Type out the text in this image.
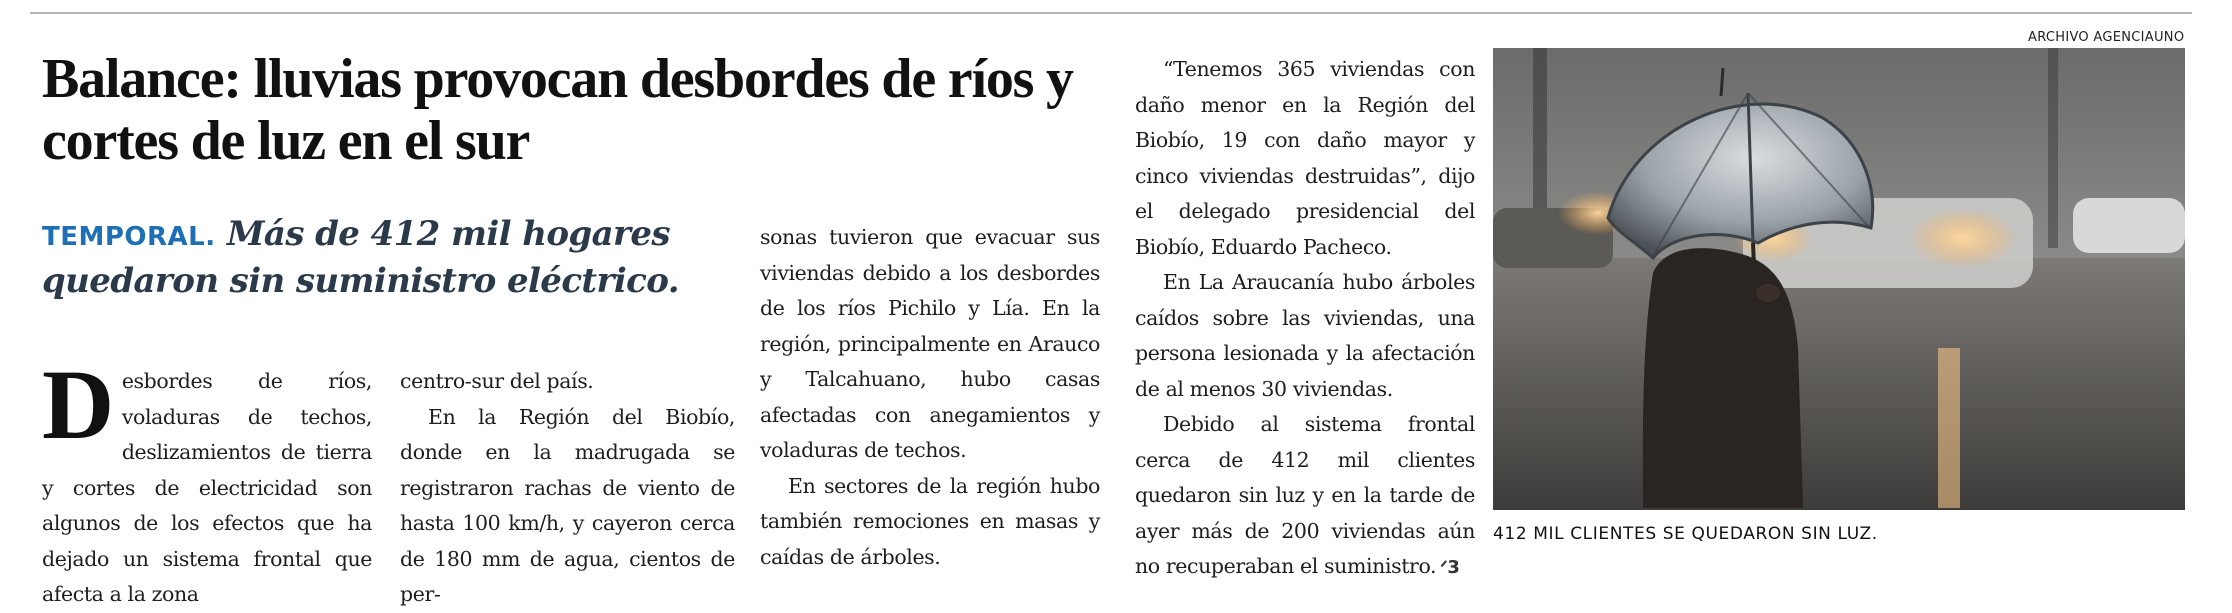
Balance: lluvias provocan desbordes de ríos y cortes de luz en el sur

TEMPORAL. Más de 412 mil hogares quedaron sin suministro eléctrico.

D esbordes de ríos, voladuras de techos, deslizamientos de tierra y cortes de electricidad son algunos de los efectos que ha dejado un sistema frontal que afecta a la zona

centro-sur del país.

En la Región del Biobío, donde en la madrugada se registraron rachas de viento de hasta 100 km/h, y cayeron cerca de 180 mm de agua, cientos de per-

sonas tuvieron que evacuar sus viviendas debido a los desbordes de los ríos Pichilo y Lía. En la región, principalmente en Arauco y Talcahuano, hubo casas afectadas con anegamientos y voladuras de techos.

En sectores de la región hubo también remociones en masas y caídas de árboles.

“Tenemos 365 viviendas con daño menor en la Región del Biobío, 19 con daño mayor y cinco viviendas destruidas”, dijo el delegado presidencial del Biobío, Eduardo Pacheco.

En La Araucanía hubo árboles caídos sobre las viviendas, una persona lesionada y la afectación de al menos 30 viviendas.

Debido al sistema frontal cerca de 412 mil clientes quedaron sin luz y en la tarde de ayer más de 200 viviendas aún no recuperaban el suministro. ᐟ3

ARCHIVO AGENCIAUNO
412 MIL CLIENTES SE QUEDARON SIN LUZ.
